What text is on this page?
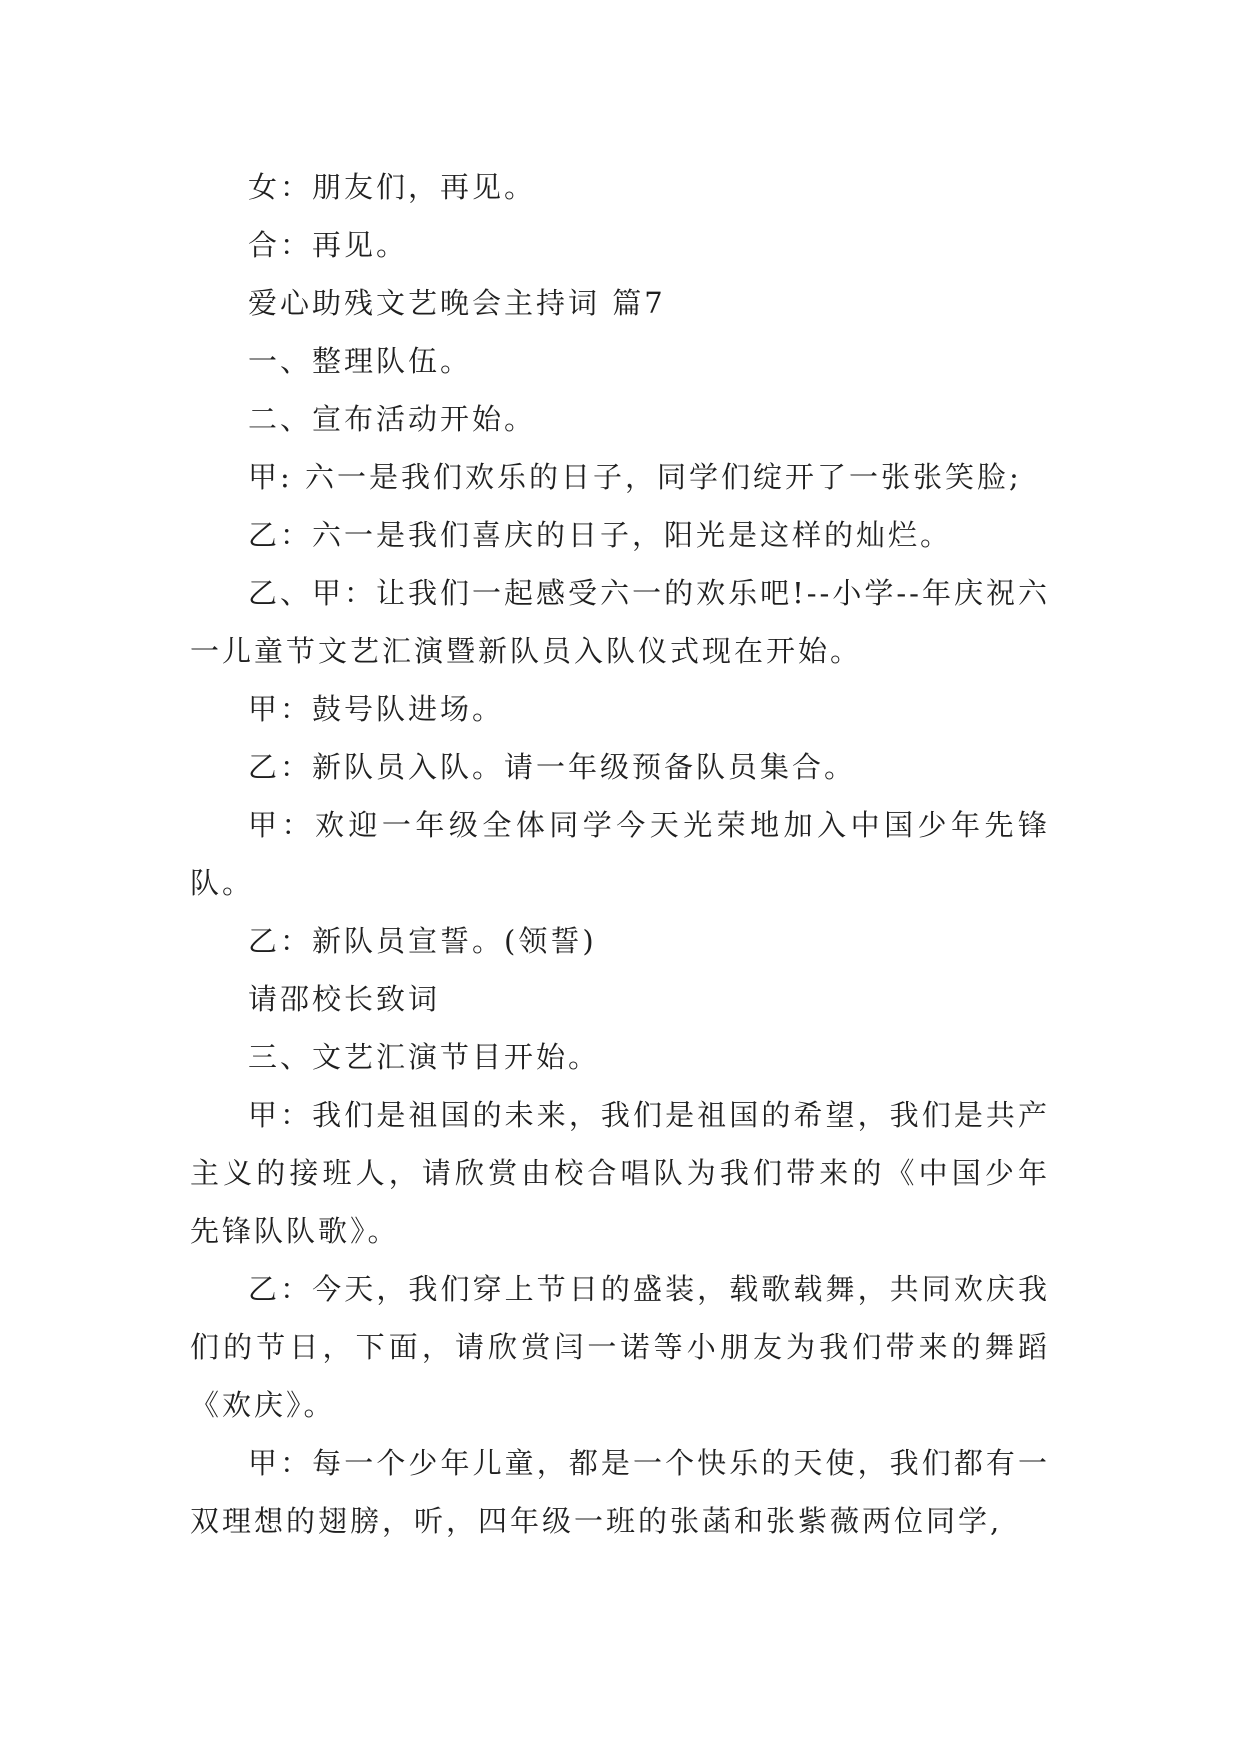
女：朋友们，再见。

合：再见。

爱心助残文艺晚会主持词 篇7

一、整理队伍。

二、宣布活动开始。

甲: 六一是我们欢乐的日子，同学们绽开了一张张笑脸;

乙：六一是我们喜庆的日子，阳光是这样的灿烂。

乙、甲：让我们一起感受六一的欢乐吧!--小学--年庆祝六一儿童节文艺汇演暨新队员入队仪式现在开始。

甲：鼓号队进场。

乙：新队员入队。请一年级预备队员集合。

甲：欢迎一年级全体同学今天光荣地加入中国少年先锋队。

乙：新队员宣誓。(领誓)

请邵校长致词

三、文艺汇演节目开始。

甲：我们是祖国的未来，我们是祖国的希望，我们是共产主义的接班人，请欣赏由校合唱队为我们带来的《中国少年先锋队队歌》。

乙：今天，我们穿上节日的盛装，载歌载舞，共同欢庆我们的节日，下面，请欣赏闫一诺等小朋友为我们带来的舞蹈《欢庆》。

甲：每一个少年儿童，都是一个快乐的天使，我们都有一双理想的翅膀，听，四年级一班的张菡和张紫薇两位同学,
